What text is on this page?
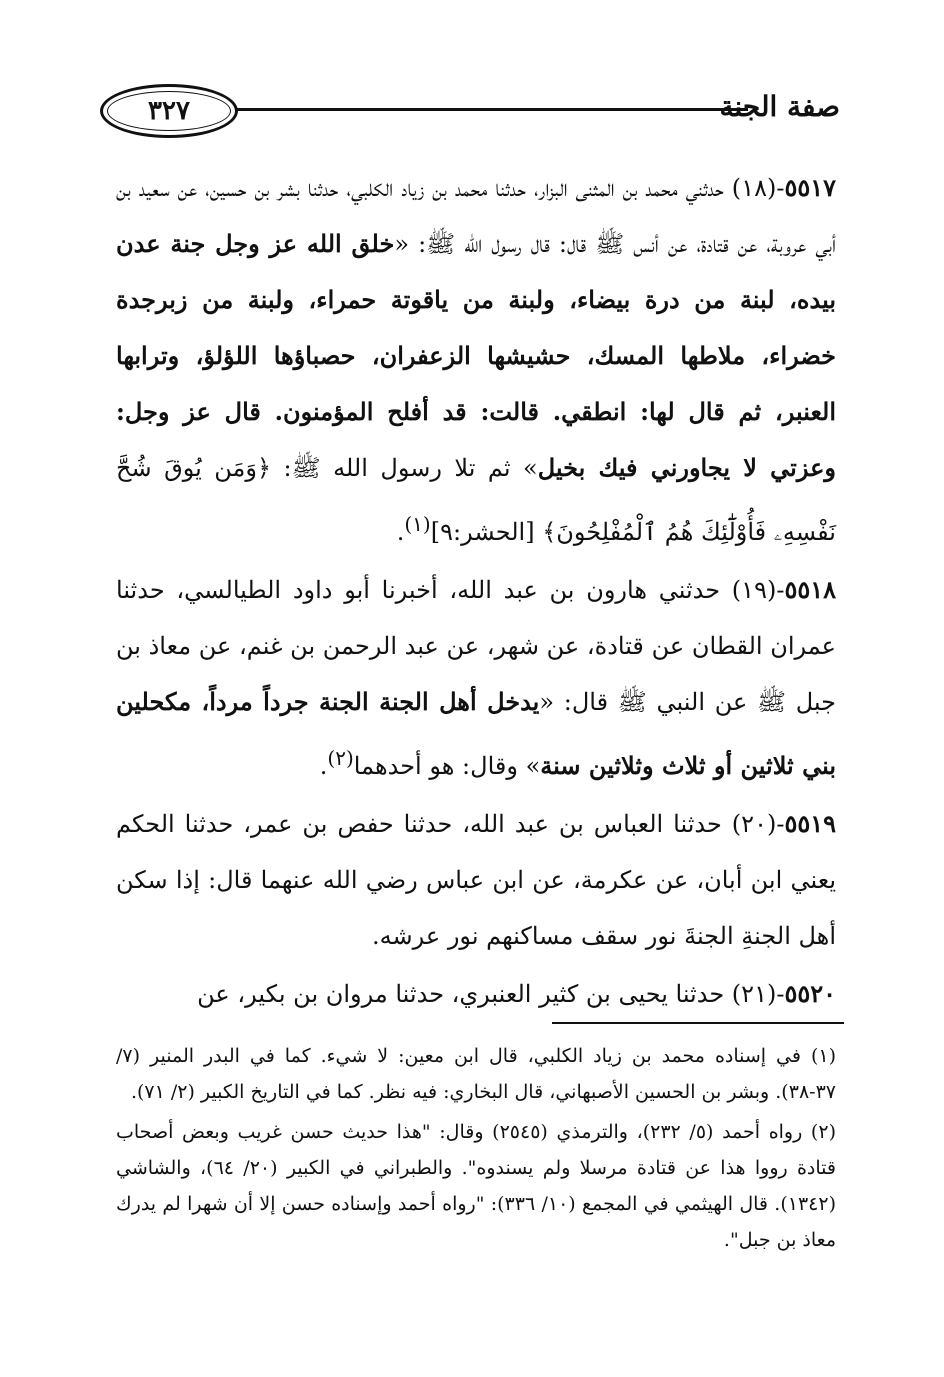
٣٢٧	صفة الجنة

٥٥١٧-(١٨) حدثني محمد بن المثنى البزار، حدثنا محمد بن زياد الكلبي، حدثنا بشر بن حسين، عن سعيد بن أبي عروبة، عن قتادة، عن أنس ﷺ قال: قال رسول الله ﷺ: «خلق الله عز وجل جنة عدن بيده، لبنة من درة بيضاء، ولبنة من ياقوتة حمراء، ولبنة من زبرجدة خضراء، ملاطها المسك، حشيشها الزعفران، حصباؤها اللؤلؤ، وترابها العنبر، ثم قال لها: انطقي. قالت: قد أفلح المؤمنون. قال عز وجل: وعزتي لا يجاورني فيك بخيل» ثم تلا رسول الله ﷺ: ﴿وَمَن يُوقَ شُحَّ نَفْسِهِۦ فَأُوْلَٰٓئِكَ هُمُ ٱلْمُفْلِحُونَ﴾ [الحشر:٩]$^{(١)}$.

٥٥١٨-(١٩) حدثني هارون بن عبد الله، أخبرنا أبو داود الطيالسي، حدثنا عمران القطان عن قتادة، عن شهر، عن عبد الرحمن بن غنم، عن معاذ بن جبل ﷺ عن النبي ﷺ قال: «يدخل أهل الجنة الجنة جرداً مرداً، مكحلين بني ثلاثين أو ثلاث وثلاثين سنة» وقال: هو أحدهما$^{(٢)}$.

٥٥١٩-(٢٠) حدثنا العباس بن عبد الله، حدثنا حفص بن عمر، حدثنا الحكم يعني ابن أبان، عن عكرمة، عن ابن عباس رضي الله عنهما قال: إذا سكن أهل الجنةِ الجنةَ نور سقف مساكنهم نور عرشه.

٥٥٢٠-(٢١) حدثنا يحيى بن كثير العنبري، حدثنا مروان بن بكير، عن

(١) في إسناده محمد بن زياد الكلبي، قال ابن معين: لا شيء. كما في البدر المنير (٧/ ٣٧-٣٨). وبشر بن الحسين الأصبهاني، قال البخاري: فيه نظر. كما في التاريخ الكبير (٢/ ٧١).

(٢) رواه أحمد (٥/ ٢٣٢)، والترمذي (٢٥٤٥) وقال: "هذا حديث حسن غريب وبعض أصحاب قتادة رووا هذا عن قتادة مرسلا ولم يسندوه". والطبراني في الكبير (٢٠/ ٦٤)، والشاشي (١٣٤٢). قال الهيثمي في المجمع (١٠/ ٣٣٦): "رواه أحمد وإسناده حسن إلا أن شهرا لم يدرك معاذ بن جبل".
